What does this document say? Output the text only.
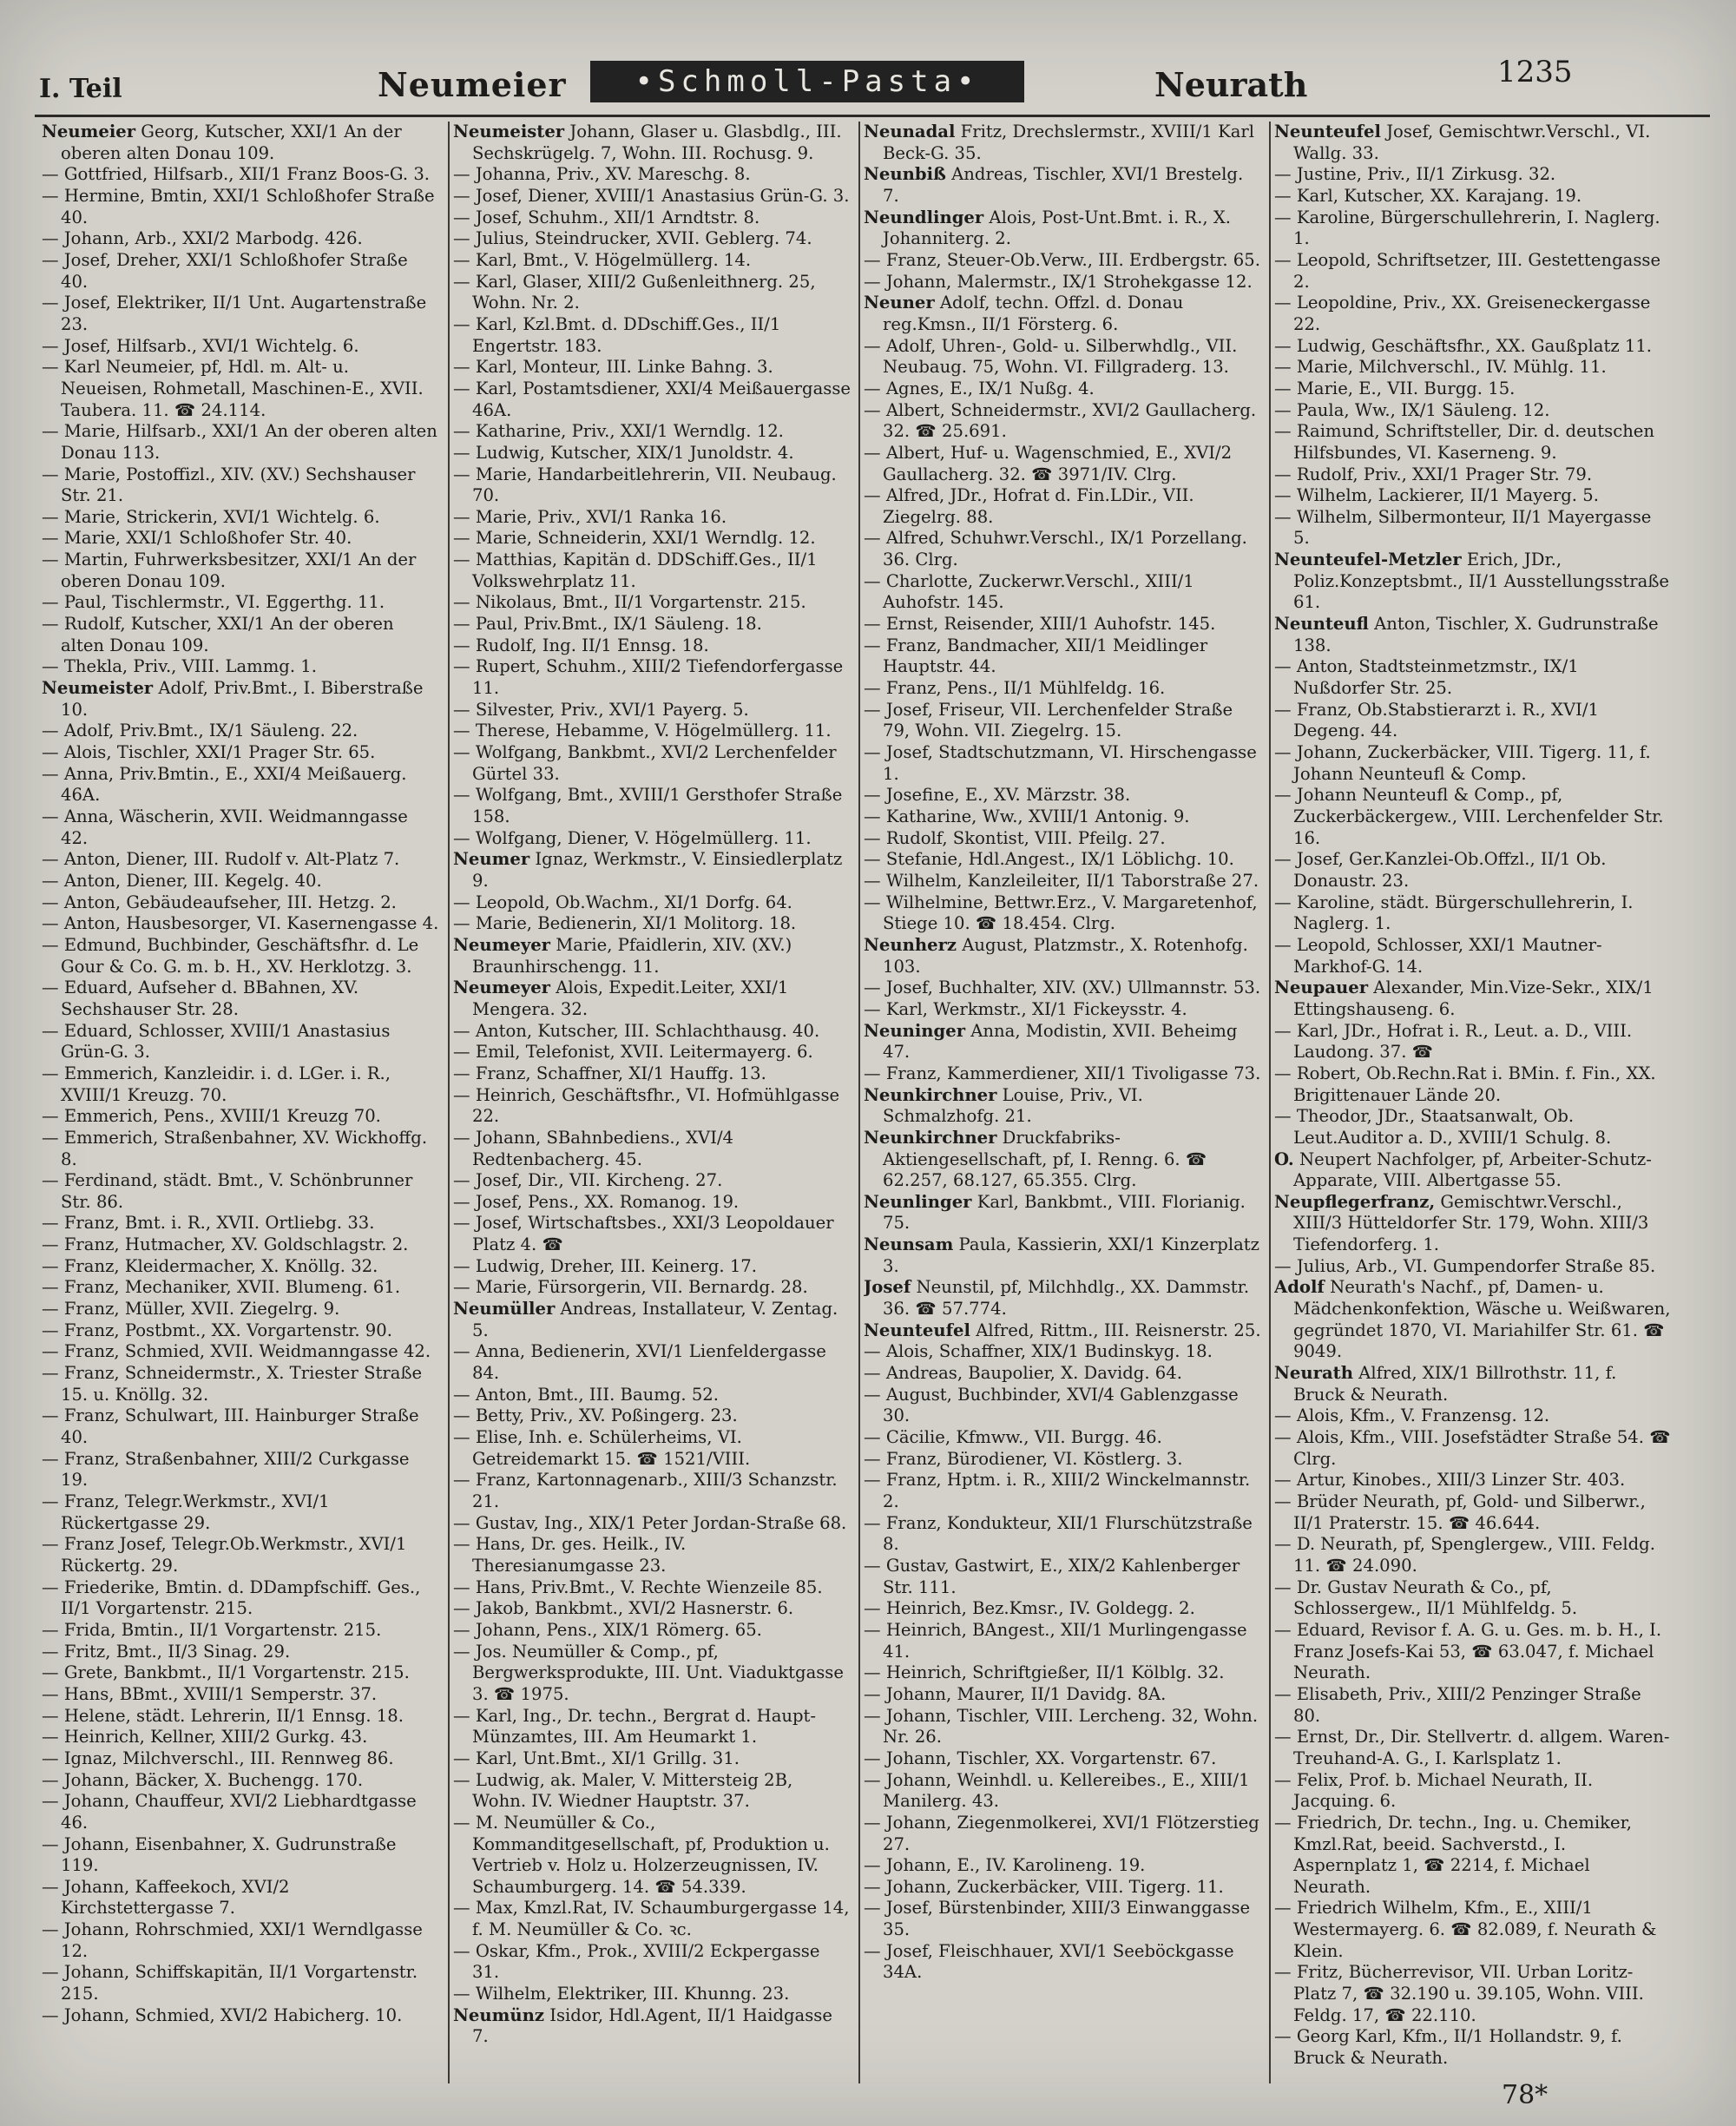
I. Teil	Neumeier	•Schmoll-Pasta•	Neurath	1235

Neumeier Georg, Kutscher, XXI/1 An der oberen alten Donau 109.

— Gottfried, Hilfsarb., XII/1 Franz Boos-G. 3.

— Hermine, Bmtin, XXI/1 Schloßhofer Straße 40.

— Johann, Arb., XXI/2 Marbodg. 426.

— Josef, Dreher, XXI/1 Schloßhofer Straße 40.

— Josef, Elektriker, II/1 Unt. Augartenstraße 23.

— Josef, Hilfsarb., XVI/1 Wichtelg. 6.

— Karl Neumeier, pf, Hdl. m. Alt- u. Neueisen, Rohmetall, Maschinen-E., XVII. Taubera. 11. ☎ 24.114.

— Marie, Hilfsarb., XXI/1 An der oberen alten Donau 113.

— Marie, Postoffizl., XIV. (XV.) Sechshauser Str. 21.

— Marie, Strickerin, XVI/1 Wichtelg. 6.

— Marie, XXI/1 Schloßhofer Str. 40.

— Martin, Fuhrwerksbesitzer, XXI/1 An der oberen Donau 109.

— Paul, Tischlermstr., VI. Eggerthg. 11.

— Rudolf, Kutscher, XXI/1 An der oberen alten Donau 109.

— Thekla, Priv., VIII. Lammg. 1.

Neumeister Adolf, Priv.Bmt., I. Biberstraße 10.

— Adolf, Priv.Bmt., IX/1 Säuleng. 22.

— Alois, Tischler, XXI/1 Prager Str. 65.

— Anna, Priv.Bmtin., E., XXI/4 Meißauerg. 46A.

— Anna, Wäscherin, XVII. Weidmanngasse 42.

— Anton, Diener, III. Rudolf v. Alt-Platz 7.

— Anton, Diener, III. Kegelg. 40.

— Anton, Gebäudeaufseher, III. Hetzg. 2.

— Anton, Hausbesorger, VI. Kasernengasse 4.

— Edmund, Buchbinder, Geschäftsfhr. d. Le Gour & Co. G. m. b. H., XV. Herklotzg. 3.

— Eduard, Aufseher d. BBahnen, XV. Sechshauser Str. 28.

— Eduard, Schlosser, XVIII/1 Anastasius Grün-G. 3.

— Emmerich, Kanzleidir. i. d. LGer. i. R., XVIII/1 Kreuzg. 70.

— Emmerich, Pens., XVIII/1 Kreuzg 70.

— Emmerich, Straßenbahner, XV. Wickhoffg. 8.

— Ferdinand, städt. Bmt., V. Schönbrunner Str. 86.

— Franz, Bmt. i. R., XVII. Ortliebg. 33.

— Franz, Hutmacher, XV. Goldschlagstr. 2.

— Franz, Kleidermacher, X. Knöllg. 32.

— Franz, Mechaniker, XVII. Blumeng. 61.

— Franz, Müller, XVII. Ziegelrg. 9.

— Franz, Postbmt., XX. Vorgartenstr. 90.

— Franz, Schmied, XVII. Weidmanngasse 42.

— Franz, Schneidermstr., X. Triester Straße 15. u. Knöllg. 32.

— Franz, Schulwart, III. Hainburger Straße 40.

— Franz, Straßenbahner, XIII/2 Curkgasse 19.

— Franz, Telegr.Werkmstr., XVI/1 Rückertgasse 29.

— Franz Josef, Telegr.Ob.Werkmstr., XVI/1 Rückertg. 29.

— Friederike, Bmtin. d. DDampfschiff. Ges., II/1 Vorgartenstr. 215.

— Frida, Bmtin., II/1 Vorgartenstr. 215.

— Fritz, Bmt., II/3 Sinag. 29.

— Grete, Bankbmt., II/1 Vorgartenstr. 215.

— Hans, BBmt., XVIII/1 Semperstr. 37.

— Helene, städt. Lehrerin, II/1 Ennsg. 18.

— Heinrich, Kellner, XIII/2 Gurkg. 43.

— Ignaz, Milchverschl., III. Rennweg 86.

— Johann, Bäcker, X. Buchengg. 170.

— Johann, Chauffeur, XVI/2 Liebhardtgasse 46.

— Johann, Eisenbahner, X. Gudrunstraße 119.

— Johann, Kaffeekoch, XVI/2 Kirchstettergasse 7.

— Johann, Rohrschmied, XXI/1 Werndlgasse 12.

— Johann, Schiffskapitän, II/1 Vorgartenstr. 215.

— Johann, Schmied, XVI/2 Habicherg. 10.

Neumeister Johann, Glaser u. Glasbdlg., III. Sechskrügelg. 7, Wohn. III. Rochusg. 9.

— Johanna, Priv., XV. Mareschg. 8.

— Josef, Diener, XVIII/1 Anastasius Grün-G. 3.

— Josef, Schuhm., XII/1 Arndtstr. 8.

— Julius, Steindrucker, XVII. Geblerg. 74.

— Karl, Bmt., V. Högelmüllerg. 14.

— Karl, Glaser, XIII/2 Gußenleithnerg. 25, Wohn. Nr. 2.

— Karl, Kzl.Bmt. d. DDschiff.Ges., II/1 Engertstr. 183.

— Karl, Monteur, III. Linke Bahng. 3.

— Karl, Postamtsdiener, XXI/4 Meißauergasse 46A.

— Katharine, Priv., XXI/1 Werndlg. 12.

— Ludwig, Kutscher, XIX/1 Junoldstr. 4.

— Marie, Handarbeitlehrerin, VII. Neubaug. 70.

— Marie, Priv., XVI/1 Ranka 16.

— Marie, Schneiderin, XXI/1 Werndlg. 12.

— Matthias, Kapitän d. DDSchiff.Ges., II/1 Volkswehrplatz 11.

— Nikolaus, Bmt., II/1 Vorgartenstr. 215.

— Paul, Priv.Bmt., IX/1 Säuleng. 18.

— Rudolf, Ing. II/1 Ennsg. 18.

— Rupert, Schuhm., XIII/2 Tiefendorfergasse 11.

— Silvester, Priv., XVI/1 Payerg. 5.

— Therese, Hebamme, V. Högelmüllerg. 11.

— Wolfgang, Bankbmt., XVI/2 Lerchenfelder Gürtel 33.

— Wolfgang, Bmt., XVIII/1 Gersthofer Straße 158.

— Wolfgang, Diener, V. Högelmüllerg. 11.

Neumer Ignaz, Werkmstr., V. Einsiedlerplatz 9.

— Leopold, Ob.Wachm., XI/1 Dorfg. 64.

— Marie, Bedienerin, XI/1 Molitorg. 18.

Neumeyer Marie, Pfaidlerin, XIV. (XV.) Braunhirschengg. 11.

Neumeyer Alois, Expedit.Leiter, XXI/1 Mengera. 32.

— Anton, Kutscher, III. Schlachthausg. 40.

— Emil, Telefonist, XVII. Leitermayerg. 6.

— Franz, Schaffner, XI/1 Hauffg. 13.

— Heinrich, Geschäftsfhr., VI. Hofmühlgasse 22.

— Johann, SBahnbediens., XVI/4 Redtenbacherg. 45.

— Josef, Dir., VII. Kircheng. 27.

— Josef, Pens., XX. Romanog. 19.

— Josef, Wirtschaftsbes., XXI/3 Leopoldauer Platz 4. ☎

— Ludwig, Dreher, III. Keinerg. 17.

— Marie, Fürsorgerin, VII. Bernardg. 28.

Neumüller Andreas, Installateur, V. Zentag. 5.

— Anna, Bedienerin, XVI/1 Lienfeldergasse 84.

— Anton, Bmt., III. Baumg. 52.

— Betty, Priv., XV. Poßingerg. 23.

— Elise, Inh. e. Schülerheims, VI. Getreidemarkt 15. ☎ 1521/VIII.

— Franz, Kartonnagenarb., XIII/3 Schanzstr. 21.

— Gustav, Ing., XIX/1 Peter Jordan-Straße 68.

— Hans, Dr. ges. Heilk., IV. Theresianumgasse 23.

— Hans, Priv.Bmt., V. Rechte Wienzeile 85.

— Jakob, Bankbmt., XVI/2 Hasnerstr. 6.

— Johann, Pens., XIX/1 Römerg. 65.

— Jos. Neumüller & Comp., pf, Bergwerksprodukte, III. Unt. Viaduktgasse 3. ☎ 1975.

— Karl, Ing., Dr. techn., Bergrat d. Haupt-Münzamtes, III. Am Heumarkt 1.

— Karl, Unt.Bmt., XI/1 Grillg. 31.

— Ludwig, ak. Maler, V. Mittersteig 2B, Wohn. IV. Wiedner Hauptstr. 37.

— M. Neumüller & Co., Kommanditgesellschaft, pf, Produktion u. Vertrieb v. Holz u. Holzerzeugnissen, IV. Schaumburgerg. 14. ☎ 54.339.

— Max, Kmzl.Rat, IV. Schaumburgergasse 14, f. M. Neumüller & Co. ꝛc.

— Oskar, Kfm., Prok., XVIII/2 Eckpergasse 31.

— Wilhelm, Elektriker, III. Khunng. 23.

Neumünz Isidor, Hdl.Agent, II/1 Haidgasse 7.

Neunadal Fritz, Drechslermstr., XVIII/1 Karl Beck-G. 35.

Neunbiß Andreas, Tischler, XVI/1 Brestelg. 7.

Neundlinger Alois, Post-Unt.Bmt. i. R., X. Johanniterg. 2.

— Franz, Steuer-Ob.Verw., III. Erdbergstr. 65.

— Johann, Malermstr., IX/1 Strohekgasse 12.

Neuner Adolf, techn. Offzl. d. Donau reg.Kmsn., II/1 Försterg. 6.

— Adolf, Uhren-, Gold- u. Silberwhdlg., VII. Neubaug. 75, Wohn. VI. Fillgraderg. 13.

— Agnes, E., IX/1 Nußg. 4.

— Albert, Schneidermstr., XVI/2 Gaullacherg. 32. ☎ 25.691.

— Albert, Huf- u. Wagenschmied, E., XVI/2 Gaullacherg. 32. ☎ 3971/IV. Clrg.

— Alfred, JDr., Hofrat d. Fin.LDir., VII. Ziegelrg. 88.

— Alfred, Schuhwr.Verschl., IX/1 Porzellang. 36. Clrg.

— Charlotte, Zuckerwr.Verschl., XIII/1 Auhofstr. 145.

— Ernst, Reisender, XIII/1 Auhofstr. 145.

— Franz, Bandmacher, XII/1 Meidlinger Hauptstr. 44.

— Franz, Pens., II/1 Mühlfeldg. 16.

— Josef, Friseur, VII. Lerchenfelder Straße 79, Wohn. VII. Ziegelrg. 15.

— Josef, Stadtschutzmann, VI. Hirschengasse 1.

— Josefine, E., XV. Märzstr. 38.

— Katharine, Ww., XVIII/1 Antonig. 9.

— Rudolf, Skontist, VIII. Pfeilg. 27.

— Stefanie, Hdl.Angest., IX/1 Löblichg. 10.

— Wilhelm, Kanzleileiter, II/1 Taborstraße 27.

— Wilhelmine, Bettwr.Erz., V. Margaretenhof, Stiege 10. ☎ 18.454. Clrg.

Neunherz August, Platzmstr., X. Rotenhofg. 103.

— Josef, Buchhalter, XIV. (XV.) Ullmannstr. 53.

— Karl, Werkmstr., XI/1 Fickeysstr. 4.

Neuninger Anna, Modistin, XVII. Beheimg 47.

— Franz, Kammerdiener, XII/1 Tivoligasse 73.

Neunkirchner Louise, Priv., VI. Schmalzhofg. 21.

Neunkirchner Druckfabriks-Aktiengesellschaft, pf, I. Renng. 6. ☎ 62.257, 68.127, 65.355. Clrg.

Neunlinger Karl, Bankbmt., VIII. Florianig. 75.

Neunsam Paula, Kassierin, XXI/1 Kinzerplatz 3.

Josef Neunstil, pf, Milchhdlg., XX. Dammstr. 36. ☎ 57.774.

Neunteufel Alfred, Rittm., III. Reisnerstr. 25.

— Alois, Schaffner, XIX/1 Budinskyg. 18.

— Andreas, Baupolier, X. Davidg. 64.

— August, Buchbinder, XVI/4 Gablenzgasse 30.

— Cäcilie, Kfmww., VII. Burgg. 46.

— Franz, Bürodiener, VI. Köstlerg. 3.

— Franz, Hptm. i. R., XIII/2 Winckelmannstr. 2.

— Franz, Kondukteur, XII/1 Flurschützstraße 8.

— Gustav, Gastwirt, E., XIX/2 Kahlenberger Str. 111.

— Heinrich, Bez.Kmsr., IV. Goldegg. 2.

— Heinrich, BAngest., XII/1 Murlingengasse 41.

— Heinrich, Schriftgießer, II/1 Kölblg. 32.

— Johann, Maurer, II/1 Davidg. 8A.

— Johann, Tischler, VIII. Lercheng. 32, Wohn. Nr. 26.

— Johann, Tischler, XX. Vorgartenstr. 67.

— Johann, Weinhdl. u. Kellereibes., E., XIII/1 Manilerg. 43.

— Johann, Ziegenmolkerei, XVI/1 Flötzerstieg 27.

— Johann, E., IV. Karolineng. 19.

— Johann, Zuckerbäcker, VIII. Tigerg. 11.

— Josef, Bürstenbinder, XIII/3 Einwanggasse 35.

— Josef, Fleischhauer, XVI/1 Seeböckgasse 34A.

Neunteufel Josef, Gemischtwr.Verschl., VI. Wallg. 33.

— Justine, Priv., II/1 Zirkusg. 32.

— Karl, Kutscher, XX. Karajang. 19.

— Karoline, Bürgerschullehrerin, I. Naglerg. 1.

— Leopold, Schriftsetzer, III. Gestettengasse 2.

— Leopoldine, Priv., XX. Greiseneckergasse 22.

— Ludwig, Geschäftsfhr., XX. Gaußplatz 11.

— Marie, Milchverschl., IV. Mühlg. 11.

— Marie, E., VII. Burgg. 15.

— Paula, Ww., IX/1 Säuleng. 12.

— Raimund, Schriftsteller, Dir. d. deutschen Hilfsbundes, VI. Kaserneng. 9.

— Rudolf, Priv., XXI/1 Prager Str. 79.

— Wilhelm, Lackierer, II/1 Mayerg. 5.

— Wilhelm, Silbermonteur, II/1 Mayergasse 5.

Neunteufel-Metzler Erich, JDr., Poliz.Konzeptsbmt., II/1 Ausstellungsstraße 61.

Neunteufl Anton, Tischler, X. Gudrunstraße 138.

— Anton, Stadtsteinmetzmstr., IX/1 Nußdorfer Str. 25.

— Franz, Ob.Stabstierarzt i. R., XVI/1 Degeng. 44.

— Johann, Zuckerbäcker, VIII. Tigerg. 11, f. Johann Neunteufl & Comp.

— Johann Neunteufl & Comp., pf, Zuckerbäckergew., VIII. Lerchenfelder Str. 16.

— Josef, Ger.Kanzlei-Ob.Offzl., II/1 Ob. Donaustr. 23.

— Karoline, städt. Bürgerschullehrerin, I. Naglerg. 1.

— Leopold, Schlosser, XXI/1 Mautner-Markhof-G. 14.

Neupauer Alexander, Min.Vize-Sekr., XIX/1 Ettingshauseng. 6.

— Karl, JDr., Hofrat i. R., Leut. a. D., VIII. Laudong. 37. ☎

— Robert, Ob.Rechn.Rat i. BMin. f. Fin., XX. Brigittenauer Lände 20.

— Theodor, JDr., Staatsanwalt, Ob. Leut.Auditor a. D., XVIII/1 Schulg. 8.

O. Neupert Nachfolger, pf, Arbeiter-Schutz-Apparate, VIII. Albertgasse 55.

Neupflegerfranz, Gemischtwr.Verschl., XIII/3 Hütteldorfer Str. 179, Wohn. XIII/3 Tiefendorferg. 1.

— Julius, Arb., VI. Gumpendorfer Straße 85.

Adolf Neurath's Nachf., pf, Damen- u. Mädchenkonfektion, Wäsche u. Weißwaren, gegründet 1870, VI. Mariahilfer Str. 61. ☎ 9049.

Neurath Alfred, XIX/1 Billrothstr. 11, f. Bruck & Neurath.

— Alois, Kfm., V. Franzensg. 12.

— Alois, Kfm., VIII. Josefstädter Straße 54. ☎ Clrg.

— Artur, Kinobes., XIII/3 Linzer Str. 403.

— Brüder Neurath, pf, Gold- und Silberwr., II/1 Praterstr. 15. ☎ 46.644.

— D. Neurath, pf, Spenglergew., VIII. Feldg. 11. ☎ 24.090.

— Dr. Gustav Neurath & Co., pf, Schlossergew., II/1 Mühlfeldg. 5.

— Eduard, Revisor f. A. G. u. Ges. m. b. H., I. Franz Josefs-Kai 53, ☎ 63.047, f. Michael Neurath.

— Elisabeth, Priv., XIII/2 Penzinger Straße 80.

— Ernst, Dr., Dir. Stellvertr. d. allgem. Waren-Treuhand-A. G., I. Karlsplatz 1.

— Felix, Prof. b. Michael Neurath, II. Jacquing. 6.

— Friedrich, Dr. techn., Ing. u. Chemiker, Kmzl.Rat, beeid. Sachverstd., I. Aspernplatz 1, ☎ 2214, f. Michael Neurath.

— Friedrich Wilhelm, Kfm., E., XIII/1 Westermayerg. 6. ☎ 82.089, f. Neurath & Klein.

— Fritz, Bücherrevisor, VII. Urban Loritz-Platz 7, ☎ 32.190 u. 39.105, Wohn. VIII. Feldg. 17, ☎ 22.110.

— Georg Karl, Kfm., II/1 Hollandstr. 9, f. Bruck & Neurath.

78*
